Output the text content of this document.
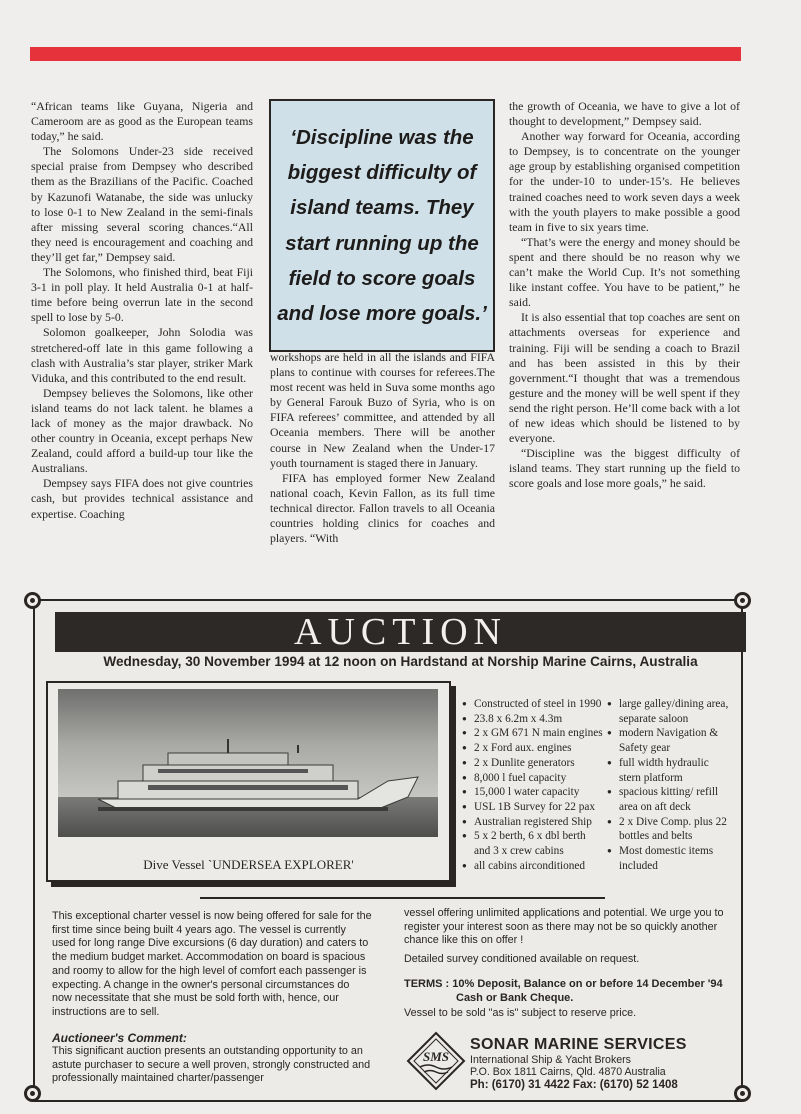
“African teams like Guyana, Nigeria and Cameroom are as good as the European teams today,” he said.

The Solomons Under-23 side received special praise from Dempsey who described them as the Brazilians of the Pacific. Coached by Kazunofi Watanabe, the side was unlucky to lose 0-1 to New Zealand in the semi-finals after missing several scoring chances.“All they need is encouragement and coaching and they’ll get far,” Dempsey said.

The Solomons, who finished third, beat Fiji 3-1 in poll play. It held Australia 0-1 at half-time before being overrun late in the second spell to lose by 5-0.

Solomon goalkeeper, John Solodia was stretchered-off late in this game following a clash with Australia’s star player, striker Mark Viduka, and this contributed to the end result.

Dempsey believes the Solomons, like other island teams do not lack talent. he blames a lack of money as the major drawback. No other country in Oceania, except perhaps New Zealand, could afford a build-up tour like the Australians.

Dempsey says FIFA does not give countries cash, but provides technical assistance and expertise. Coaching

‘Discipline was the biggest difficulty of island teams. They start running up the field to score goals and lose more goals.’

workshops are held in all the islands and FIFA plans to continue with courses for referees.The most recent was held in Suva some months ago by General Farouk Buzo of Syria, who is on FIFA referees’ committee, and attended by all Oceania members. There will be another course in New Zealand when the Under-17 youth tournament is staged there in January.

FIFA has employed former New Zealand national coach, Kevin Fallon, as its full time technical director. Fallon travels to all Oceania countries holding clinics for coaches and players. “With

the growth of Oceania, we have to give a lot of thought to development,” Dempsey said.

Another way forward for Oceania, according to Dempsey, is to concentrate on the younger age group by establishing organised competition for the under-10 to under-15’s. He believes trained coaches need to work seven days a week with the youth players to make possible a good team in five to six years time.

“That’s were the energy and money should be spent and there should be no reason why we can’t make the World Cup. It’s not something like instant coffee. You have to be patient,” he said.

It is also essential that top coaches are sent on attachments overseas for experience and training. Fiji will be sending a coach to Brazil and has been assisted in this by their government.“I thought that was a tremendous gesture and the money will be well spent if they send the right person. He’ll come back with a lot of new ideas which should be listened to by everyone.

“Discipline was the biggest difficulty of island teams. They start running up the field to score goals and lose more goals,” he said.

AUCTION
Wednesday, 30 November 1994 at 12 noon on Hardstand at Norship Marine Cairns, Australia
Dive Vessel `UNDERSEA EXPLORER'
● Constructed of steel in 1990
● 23.8 x 6.2m x 4.3m
● 2 x GM 671 N main engines
● 2 x Ford aux. engines
● 2 x Dunlite generators
● 8,000 l fuel capacity
● 15,000 l water capacity
● USL 1B Survey for 22 pax
● Australian registered Ship
● 5 x 2 berth, 6 x dbl berth
and 3 x crew cabins
● all cabins airconditioned
● large galley/dining area,
separate saloon
● modern Navigation &
Safety gear
● full width hydraulic
stern platform
● spacious kitting/ refill
area on aft deck
● 2 x Dive Comp. plus 22
bottles and belts
● Most domestic items
included
This exceptional charter vessel is now being offered for sale for the first time since being built 4 years ago. The vessel is currently used for long range Dive excursions (6 day duration) and caters to the medium budget market. Accommodation on board is spacious and roomy to allow for the high level of comfort each passenger is expecting. A change in the owner's personal circumstances do now necessitate that she must be sold forth with, hence, our instructions are to sell.
vessel offering unlimited applications and potential. We urge you to register your interest soon as there may not be so quickly another chance like this on offer !
Detailed survey conditioned available on request.
TERMS : 10% Deposit, Balance on or before 14 December '94
Cash or Bank Cheque.
Vessel to be sold "as is" subject to reserve price.
Auctioneer's Comment:
This significant auction presents an outstanding opportunity to an astute purchaser to secure a well proven, strongly constructed and professionally maintained charter/passenger
SMS
SONAR MARINE SERVICES
International Ship & Yacht Brokers
P.O. Box 1811 Cairns, Qld. 4870 Australia
Ph: (6170) 31 4422 Fax: (6170) 52 1408
